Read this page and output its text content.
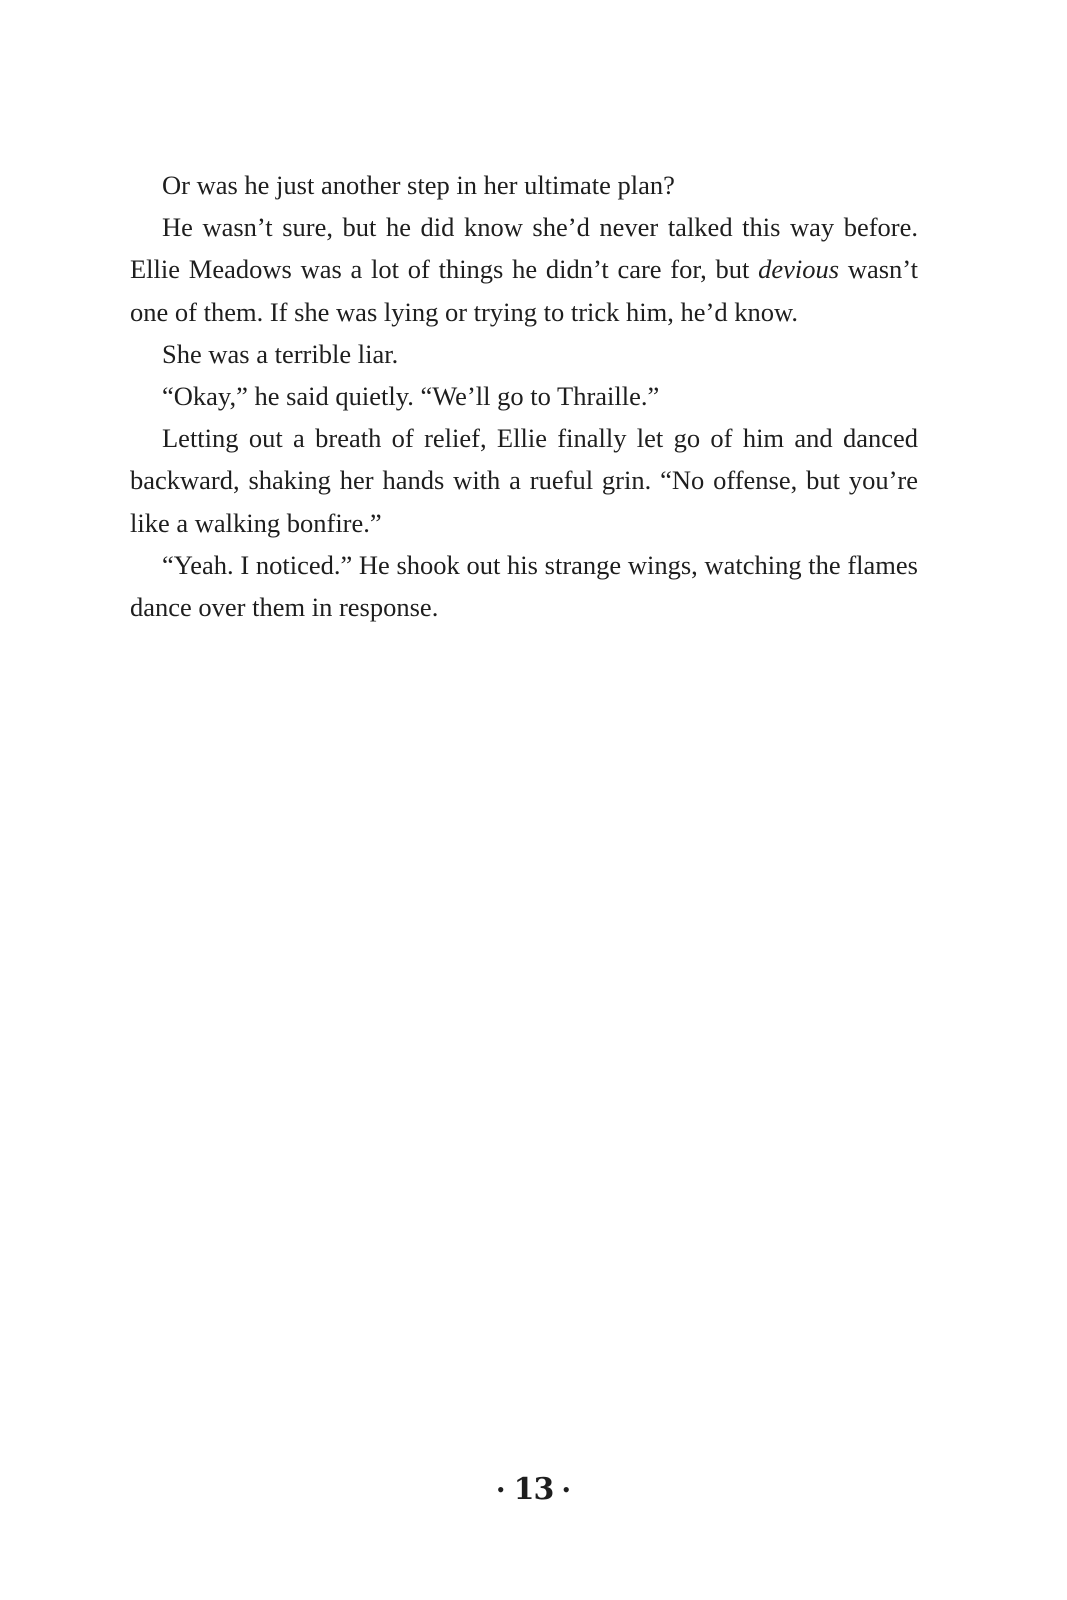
Or was he just another step in her ultimate plan?

He wasn’t sure, but he did know she’d never talked this way before. Ellie Meadows was a lot of things he didn’t care for, but devious wasn’t one of them. If she was lying or trying to trick him, he’d know.

She was a terrible liar.

“Okay,” he said quietly. “We’ll go to Thraille.”

Letting out a breath of relief, Ellie finally let go of him and danced backward, shaking her hands with a rueful grin. “No offense, but you’re like a walking bonfire.”

“Yeah. I noticed.” He shook out his strange wings, watching the flames dance over them in response.

• 13 •
